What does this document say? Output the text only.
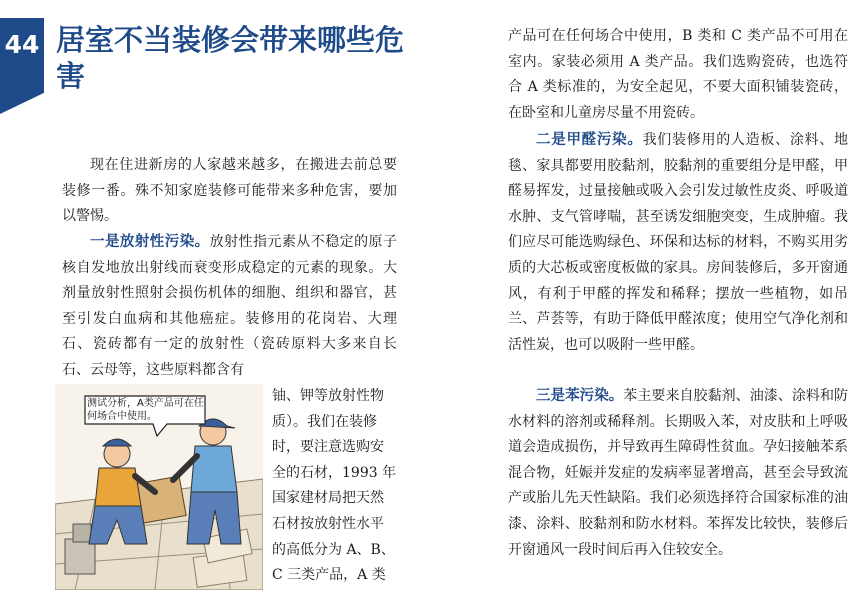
44 居室不当装修会带来哪些危害

现在住进新房的人家越来越多，在搬进去前总要装修一番。殊不知家庭装修可能带来多种危害，要加以警惕。

一是放射性污染。放射性指元素从不稳定的原子核自发地放出射线而衰变形成稳定的元素的现象。大剂量放射性照射会损伤机体的细胞、组织和器官，甚至引发白血病和其他癌症。装修用的花岗岩、大理石、瓷砖都有一定的放射性（瓷砖原料大多来自长石、云母等，这些原料都含有

铀、钾等放射性物质）。我们在装修时，要注意选购安全的石材，1993 年国家建材局把天然石材按放射性水平的高低分为 A、B、C 三类产品，A 类

测试分析，A类产品可在任何场合中使用。

产品可在任何场合中使用，B 类和 C 类产品不可用在室内。家装必须用 A 类产品。我们选购瓷砖，也选符合 A 类标准的，为安全起见，不要大面积铺装瓷砖，在卧室和儿童房尽量不用瓷砖。

二是甲醛污染。我们装修用的人造板、涂料、地毯、家具都要用胶黏剂，胶黏剂的重要组分是甲醛，甲醛易挥发，过量接触或吸入会引发过敏性皮炎、呼吸道水肿、支气管哮喘，甚至诱发细胞突变，生成肿瘤。我们应尽可能选购绿色、环保和达标的材料，不购买用劣质的大芯板或密度板做的家具。房间装修后，多开窗通风，有利于甲醛的挥发和稀释；摆放一些植物，如吊兰、芦荟等，有助于降低甲醛浓度；使用空气净化剂和活性炭，也可以吸附一些甲醛。

三是苯污染。苯主要来自胶黏剂、油漆、涂料和防水材料的溶剂或稀释剂。长期吸入苯，对皮肤和上呼吸道会造成损伤，并导致再生障碍性贫血。孕妇接触苯系混合物，妊娠并发症的发病率显著增高，甚至会导致流产或胎儿先天性缺陷。我们必须选择符合国家标准的油漆、涂料、胶黏剂和防水材料。苯挥发比较快，装修后开窗通风一段时间后再入住较安全。
